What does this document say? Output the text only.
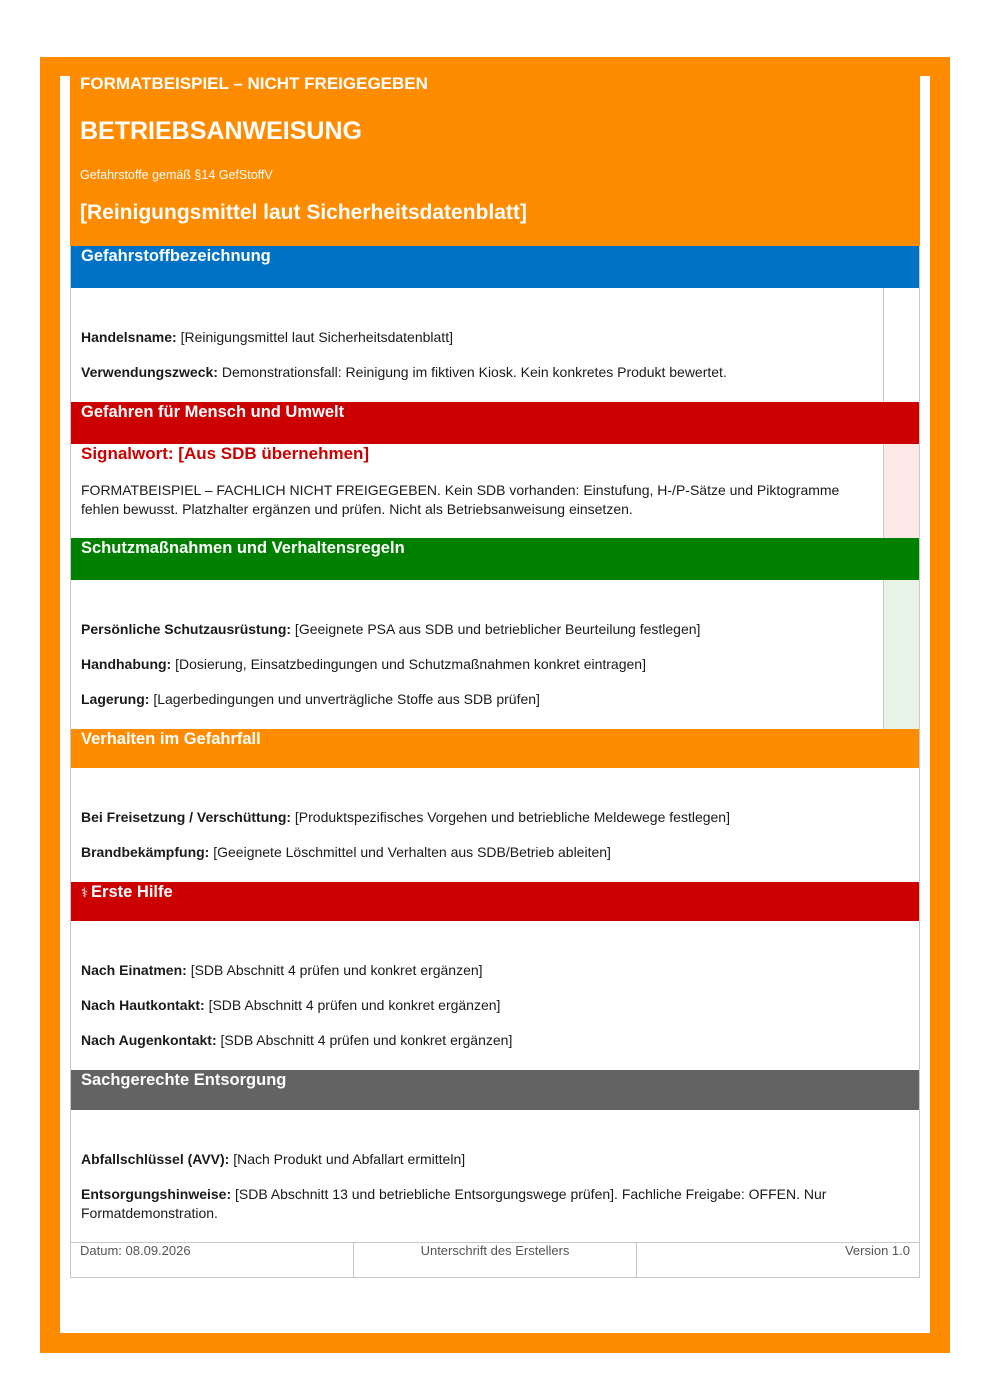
FORMATBEISPIEL – NICHT FREIGEGEBEN
BETRIEBSANWEISUNG
Gefahrstoffe gemäß §14 GefStoffV
[Reinigungsmittel laut Sicherheitsdatenblatt]
Gefahrstoffbezeichnung
Handelsname: [Reinigungsmittel laut Sicherheitsdatenblatt]
Verwendungszweck: Demonstrationsfall: Reinigung im fiktiven Kiosk. Kein konkretes Produkt bewertet.
Gefahren für Mensch und Umwelt
Signalwort: [Aus SDB übernehmen]
FORMATBEISPIEL – FACHLICH NICHT FREIGEGEBEN. Kein SDB vorhanden: Einstufung, H-/P-Sätze und Piktogramme fehlen bewusst. Platzhalter ergänzen und prüfen. Nicht als Betriebsanweisung einsetzen.
Schutzmaßnahmen und Verhaltensregeln
Persönliche Schutzausrüstung: [Geeignete PSA aus SDB und betrieblicher Beurteilung festlegen]
Handhabung: [Dosierung, Einsatzbedingungen und Schutzmaßnahmen konkret eintragen]
Lagerung: [Lagerbedingungen und unverträgliche Stoffe aus SDB prüfen]
Verhalten im Gefahrfall
Bei Freisetzung / Verschüttung: [Produktspezifisches Vorgehen und betriebliche Meldewege festlegen]
Brandbekämpfung: [Geeignete Löschmittel und Verhalten aus SDB/Betrieb ableiten]
⚕ Erste Hilfe
Nach Einatmen: [SDB Abschnitt 4 prüfen und konkret ergänzen]
Nach Hautkontakt: [SDB Abschnitt 4 prüfen und konkret ergänzen]
Nach Augenkontakt: [SDB Abschnitt 4 prüfen und konkret ergänzen]
Sachgerechte Entsorgung
Abfallschlüssel (AVV): [Nach Produkt und Abfallart ermitteln]
Entsorgungshinweise: [SDB Abschnitt 13 und betriebliche Entsorgungswege prüfen]. Fachliche Freigabe: OFFEN. Nur Formatdemonstration.
Datum: 08.09.2026	Unterschrift des Erstellers	Version 1.0
